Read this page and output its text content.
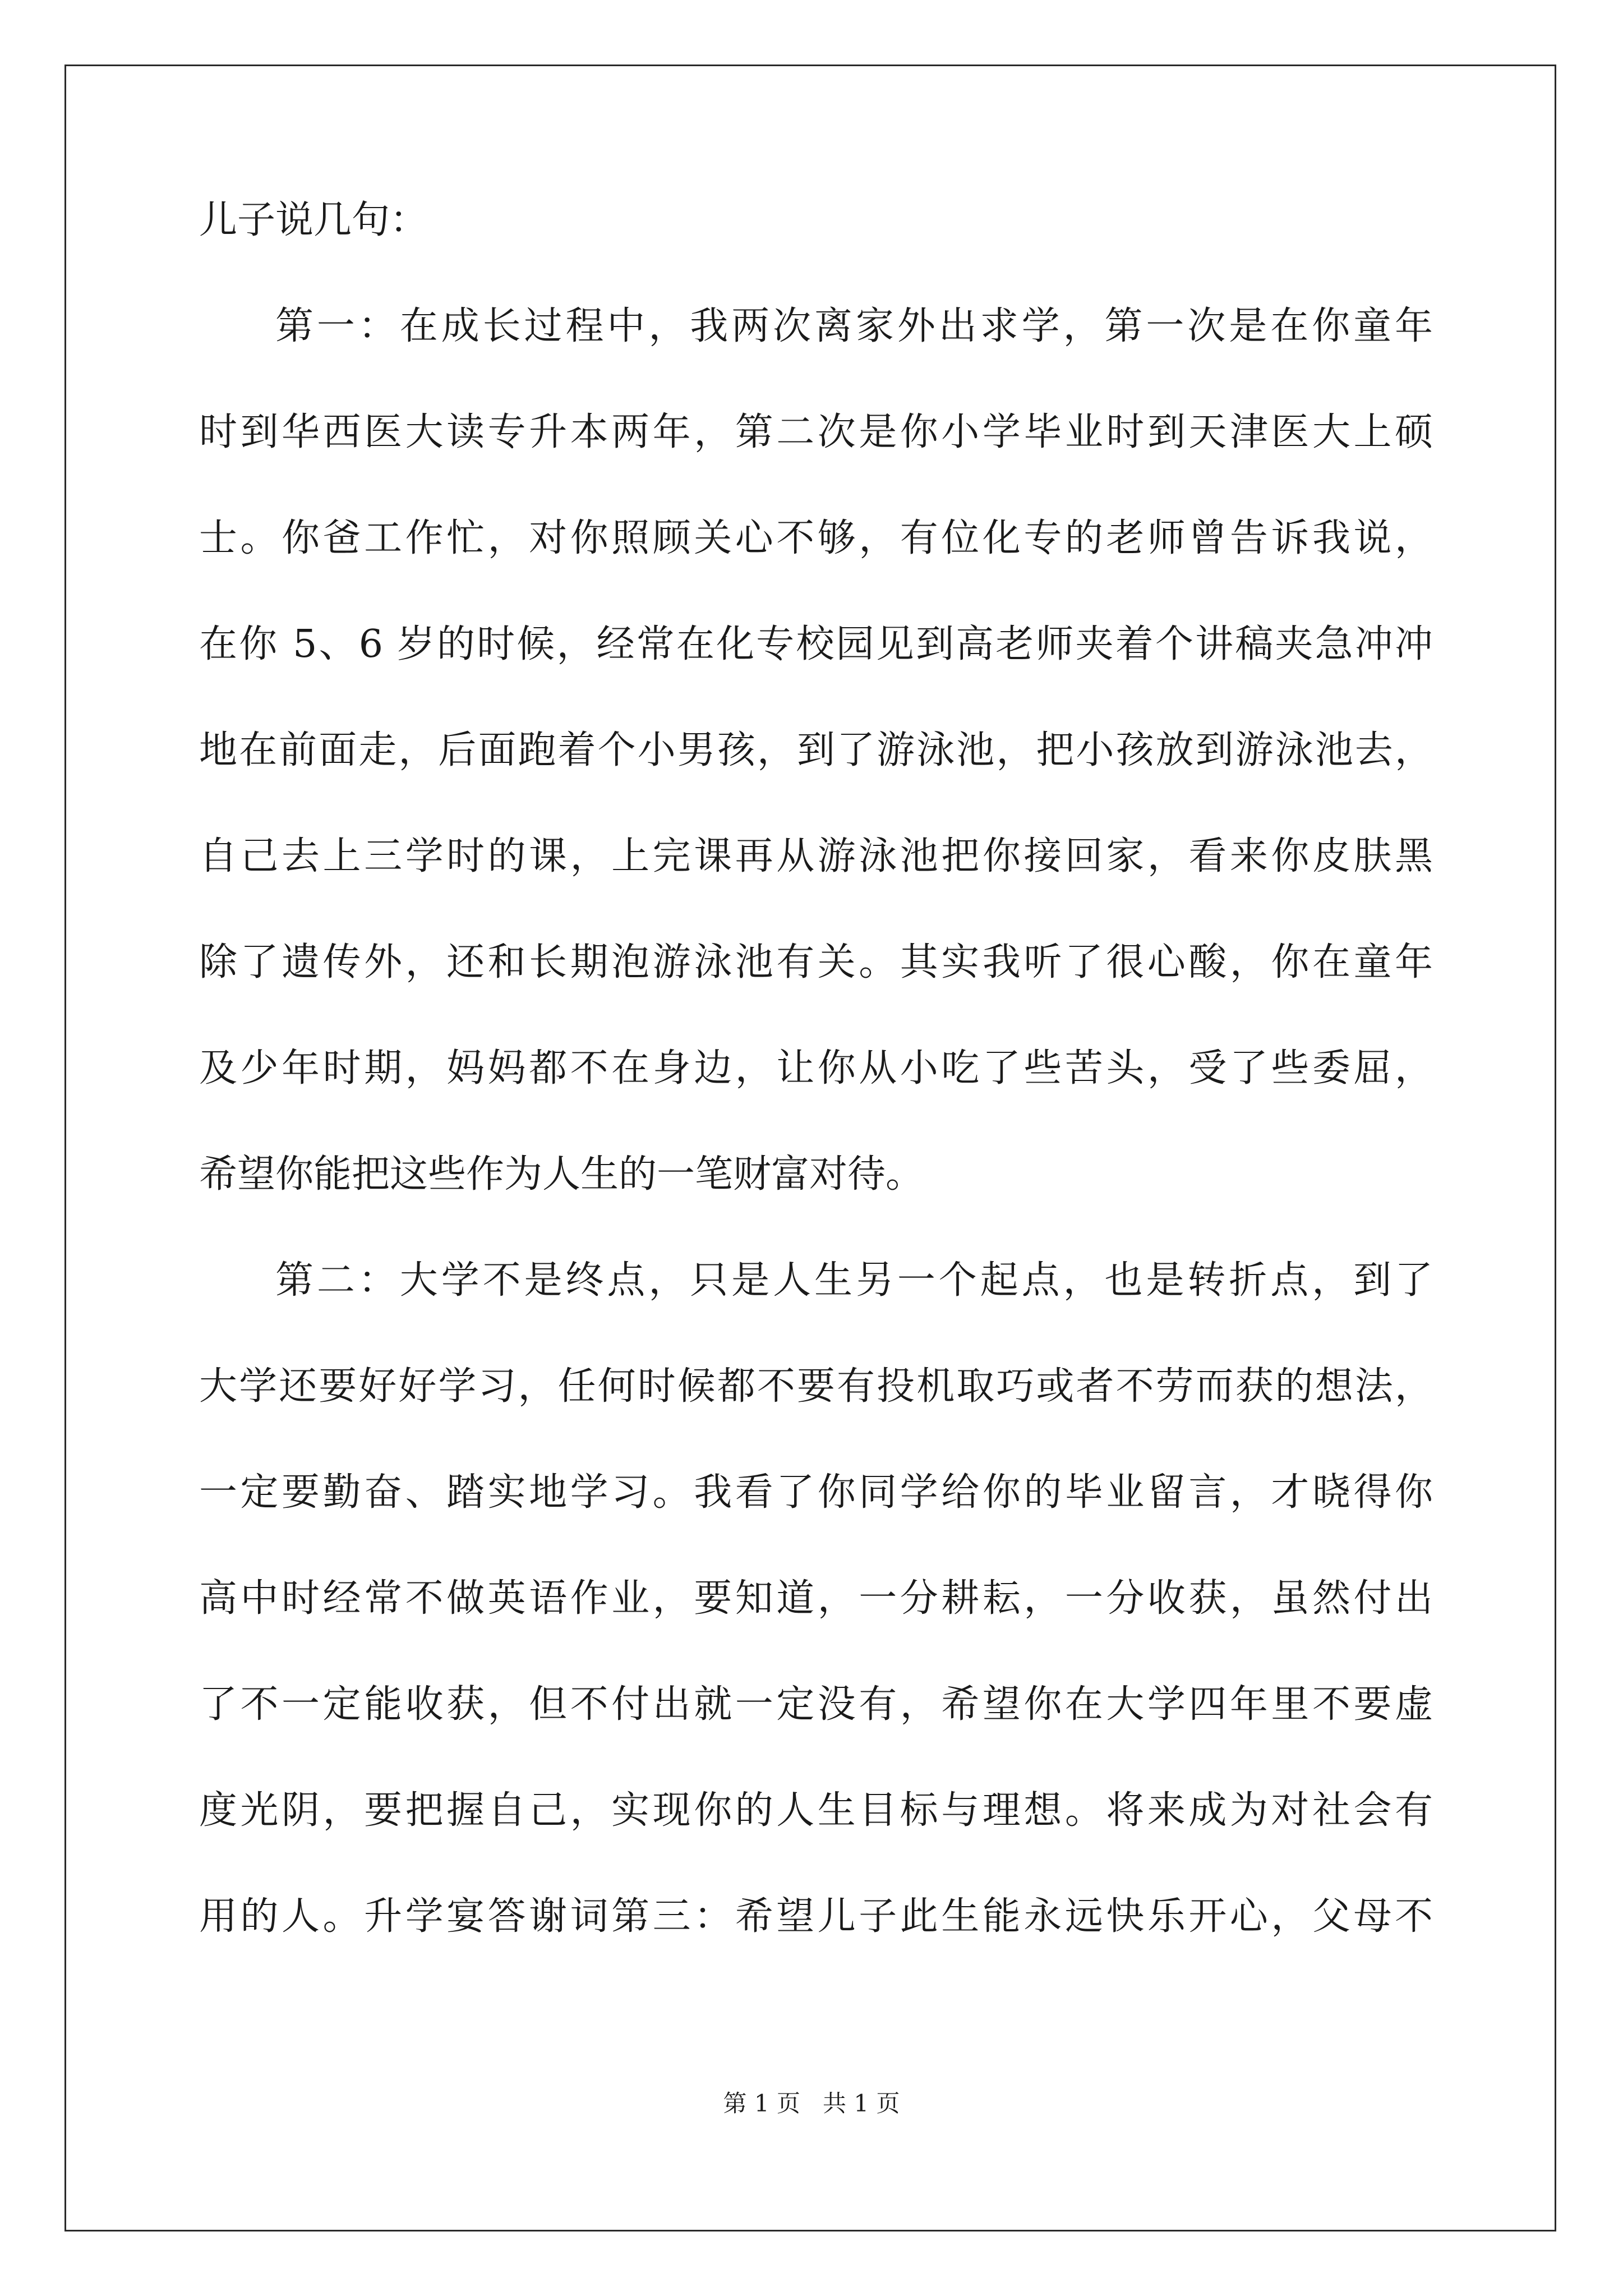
儿子说几句：
第一：在成长过程中，我两次离家外出求学，第一次是在你童年
时到华西医大读专升本两年，第二次是你小学毕业时到天津医大上硕
士。你爸工作忙，对你照顾关心不够，有位化专的老师曾告诉我说，
在你 5、6 岁的时候，经常在化专校园见到高老师夹着个讲稿夹急冲冲
地在前面走，后面跑着个小男孩，到了游泳池，把小孩放到游泳池去，
自己去上三学时的课，上完课再从游泳池把你接回家，看来你皮肤黑
除了遗传外，还和长期泡游泳池有关。其实我听了很心酸，你在童年
及少年时期，妈妈都不在身边，让你从小吃了些苦头，受了些委屈，
希望你能把这些作为人生的一笔财富对待。
第二：大学不是终点，只是人生另一个起点，也是转折点，到了
大学还要好好学习，任何时候都不要有投机取巧或者不劳而获的想法，
一定要勤奋、踏实地学习。我看了你同学给你的毕业留言，才晓得你
高中时经常不做英语作业，要知道，一分耕耘，一分收获，虽然付出
了不一定能收获，但不付出就一定没有，希望你在大学四年里不要虚
度光阴，要把握自己，实现你的人生目标与理想。将来成为对社会有
用的人。升学宴答谢词第三：希望儿子此生能永远快乐开心，父母不
第 1 页 共 1 页
